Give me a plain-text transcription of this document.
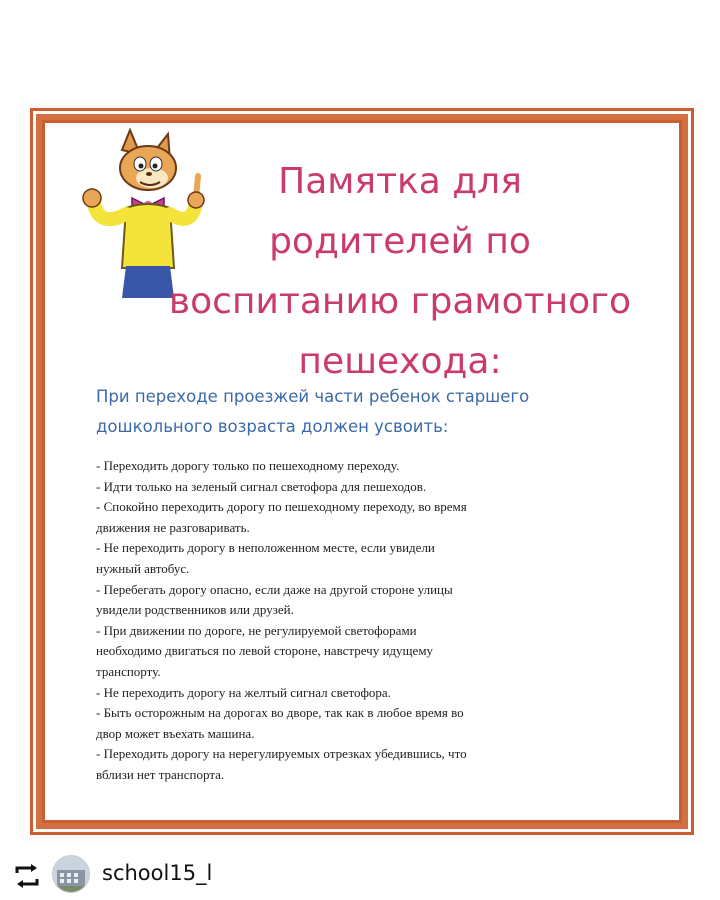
Памятка для
родителей по
воспитанию грамотного
пешехода:
При переходе проезжей части ребенок старшего
дошкольного возраста должен усвоить:
- Переходить дорогу только по пешеходному переходу.
- Идти только на зеленый сигнал светофора для пешеходов.
- Спокойно переходить дорогу по пешеходному переходу, во время
движения не разговаривать.
- Не переходить дорогу в неположенном месте, если увидели
нужный автобус.
- Перебегать дорогу опасно, если даже на другой стороне улицы
увидели родственников или друзей.
- При движении по дороге, не регулируемой светофорами
необходимо двигаться по левой стороне, навстречу идущему
транспорту.
- Не переходить дорогу на желтый сигнал светофора.
- Быть осторожным на дорогах во дворе, так как в любое время во
двор может въехать машина.
- Переходить дорогу на нерегулируемых отрезках убедившись, что
вблизи нет транспорта.
school15_l
